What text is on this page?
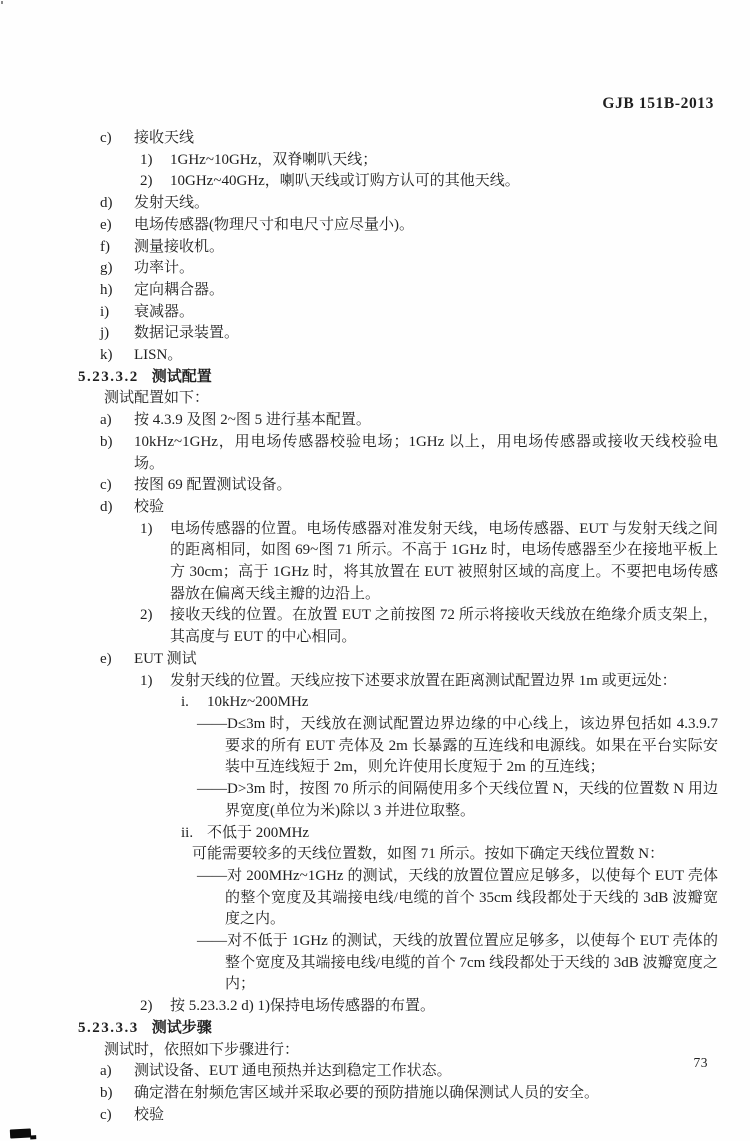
GJB 151B-2013
c)	接收天线
1)	1GHz~10GHz，双脊喇叭天线；
2)	10GHz~40GHz，喇叭天线或订购方认可的其他天线。
d)	发射天线。
e)	电场传感器(物理尺寸和电尺寸应尽量小)。
f)	测量接收机。
g)	功率计。
h)	定向耦合器。
i)	衰减器。
j)	数据记录装置。
k)	LISN。
5.23.3.2 测试配置
测试配置如下：
a)	按 4.3.9 及图 2~图 5 进行基本配置。
b)	10kHz~1GHz，用电场传感器校验电场；1GHz 以上，用电场传感器或接收天线校验电场。
c)	按图 69 配置测试设备。
d)	校验
1)	电场传感器的位置。电场传感器对准发射天线，电场传感器、EUT 与发射天线之间的距离相同，如图 69~图 71 所示。不高于 1GHz 时，电场传感器至少在接地平板上方 30cm；高于 1GHz 时，将其放置在 EUT 被照射区域的高度上。不要把电场传感器放在偏离天线主瓣的边沿上。
2)	接收天线的位置。在放置 EUT 之前按图 72 所示将接收天线放在绝缘介质支架上，其高度与 EUT 的中心相同。
e)	EUT 测试
1)	发射天线的位置。天线应按下述要求放置在距离测试配置边界 1m 或更远处：
i.	10kHz~200MHz
——D≤3m 时，天线放在测试配置边界边缘的中心线上，该边界包括如 4.3.9.7 要求的所有 EUT 壳体及 2m 长暴露的互连线和电源线。如果在平台实际安装中互连线短于 2m，则允许使用长度短于 2m 的互连线；
——D>3m 时，按图 70 所示的间隔使用多个天线位置 N，天线的位置数 N 用边界宽度(单位为米)除以 3 并进位取整。
ii. 不低于 200MHz
可能需要较多的天线位置数，如图 71 所示。按如下确定天线位置数 N：
——对 200MHz~1GHz 的测试，天线的放置位置应足够多，以使每个 EUT 壳体的整个宽度及其端接电线/电缆的首个 35cm 线段都处于天线的 3dB 波瓣宽度之内。
——对不低于 1GHz 的测试，天线的放置位置应足够多，以使每个 EUT 壳体的整个宽度及其端接电线/电缆的首个 7cm 线段都处于天线的 3dB 波瓣宽度之内；
2)	按 5.23.3.2 d) 1)保持电场传感器的布置。
5.23.3.3 测试步骤
测试时，依照如下步骤进行：
a)	测试设备、EUT 通电预热并达到稳定工作状态。
b)	确定潜在射频危害区域并采取必要的预防措施以确保测试人员的安全。
c)	校验
73
